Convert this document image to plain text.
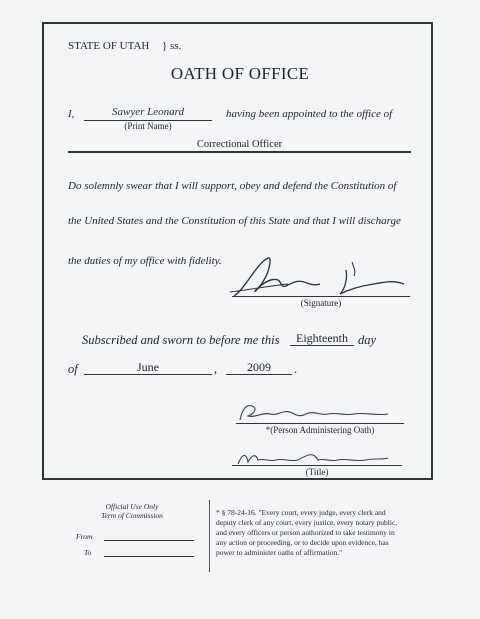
STATE OF UTAH } ss.
OATH OF OFFICE
I,	Sawyer Leonard
(Print Name)
having been appointed to the office of
Correctional Officer
Do solemnly swear that I will support, obey and defend the Constitution of
the United States and the Constitution of this State and that I will discharge
the duties of my office with fidelity.
(Signature)
Subscribed and sworn to before me this	Eighteenth day
of	June	,	2009	.
*(Person Administering Oath)
(Title)
Official Use Only
Term of Commission
From
To
* § 78-24-16. "Every court, every judge, every clerk and
deputy clerk of any court, every justice, every notary public,
and every officers or person authorized to take testimony in
any action or proceeding, or to decide upon evidence, has
power to administer oaths of affirmation."
